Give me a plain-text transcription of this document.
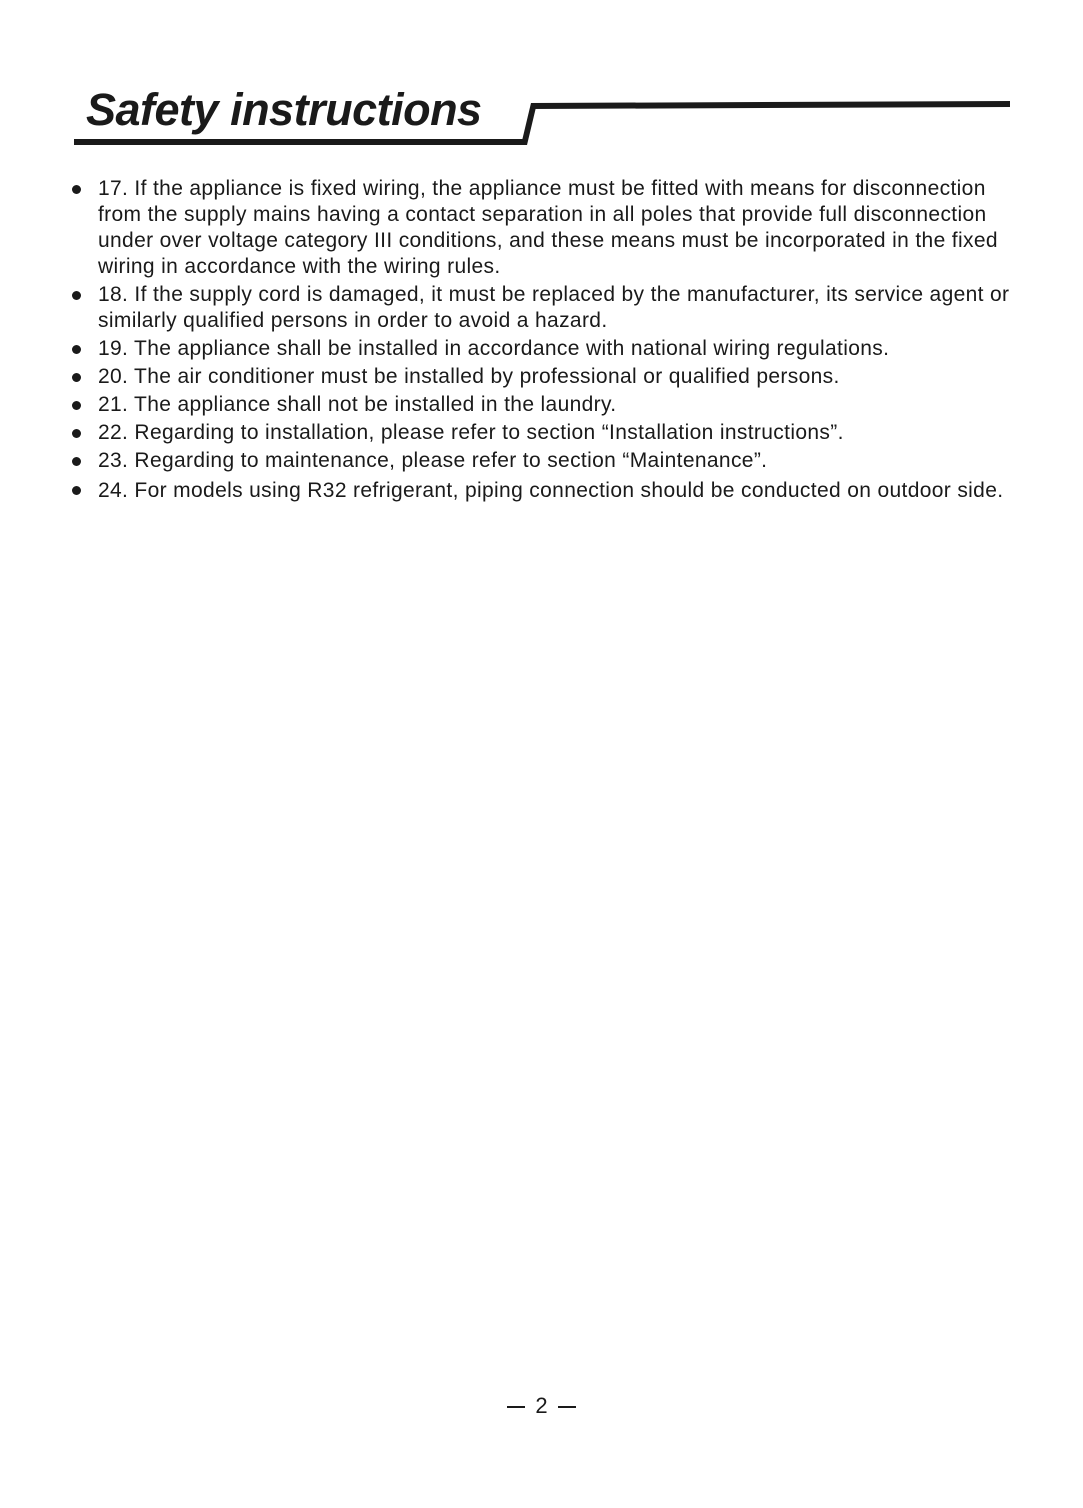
Safety instructions
17. If the appliance is fixed wiring, the appliance must be fitted with means for disconnection from the supply mains having a contact separation in all poles that provide full disconnection under over voltage category III conditions, and these means must be incorporated in the fixed wiring in accordance with the wiring rules.
18. If the supply cord is damaged, it must be replaced by the manufacturer, its service agent or similarly qualified persons in order to avoid a hazard.
19. The appliance shall be installed in accordance with national wiring regulations.
20. The air conditioner must be installed by professional or qualified persons.
21. The appliance shall not be installed in the laundry.
22. Regarding to installation, please refer to section “Installation instructions”.
23. Regarding to maintenance, please refer to section “Maintenance”.
24. For models using R32 refrigerant, piping connection should be conducted on outdoor side.
2
